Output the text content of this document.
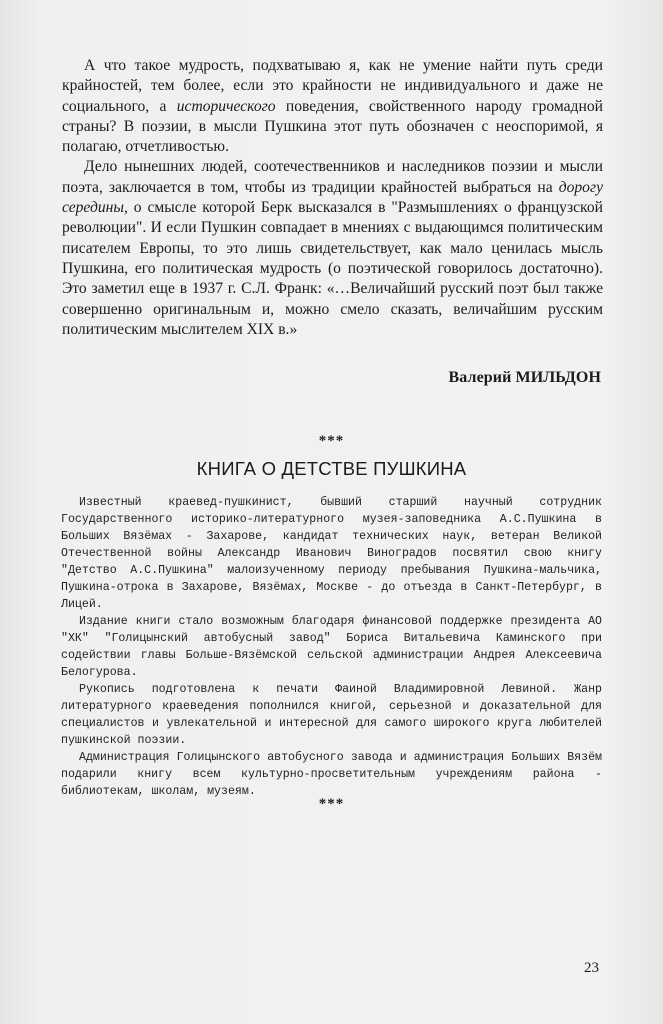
А что такое мудрость, подхватываю я, как не умение найти путь среди крайностей, тем более, если это крайности не индивидуального и даже не социального, а исторического поведения, свойственного народу громадной страны? В поэзии, в мысли Пушкина этот путь обозначен с неоспоримой, я полагаю, отчетливостью.

Дело нынешних людей, соотечественников и наследников поэзии и мысли поэта, заключается в том, чтобы из традиции крайностей выбраться на дорогу середины, о смысле которой Берк высказался в "Размышлениях о французской революции". И если Пушкин совпадает в мнениях с выдающимся политическим писателем Европы, то это лишь свидетельствует, как мало ценилась мысль Пушкина, его политическая мудрость (о поэтической говорилось достаточно). Это заметил еще в 1937 г. С.Л. Франк: «…Величайший русский поэт был также совершенно оригинальным и, можно смело сказать, величайшим русским политическим мыслителем XIX в.»

Валерий МИЛЬДОН
***
КНИГА О ДЕТСТВЕ ПУШКИНА

Известный краевед-пушкинист, бывший старший научный сотрудник Государственного историко-литературного музея-заповедника А.С.Пушкина в Больших Вязёмах - Захарове, кандидат технических наук, ветеран Великой Отечественной войны Александр Иванович Виноградов посвятил свою книгу "Детство А.С.Пушкина" малоизученному периоду пребывания Пушкина-мальчика, Пушкина-отрока в Захарове, Вязёмах, Москве - до отъезда в Санкт-Петербург, в Лицей.

Издание книги стало возможным благодаря финансовой поддержке президента АО "ХК" "Голицынский автобусный завод" Бориса Витальевича Каминского при содействии главы Больше-Вязёмской сельской администрации Андрея Алексеевича Белогурова.

Рукопись подготовлена к печати Фаиной Владимировной Левиной. Жанр литературного краеведения пополнился книгой, серьезной и доказательной для специалистов и увлекательной и интересной для самого широкого круга любителей пушкинской поэзии.

Администрация Голицынского автобусного завода и администрация Больших Вязём подарили книгу всем культурно-просветительным учреждениям района - библиотекам, школам, музеям.

***
23
